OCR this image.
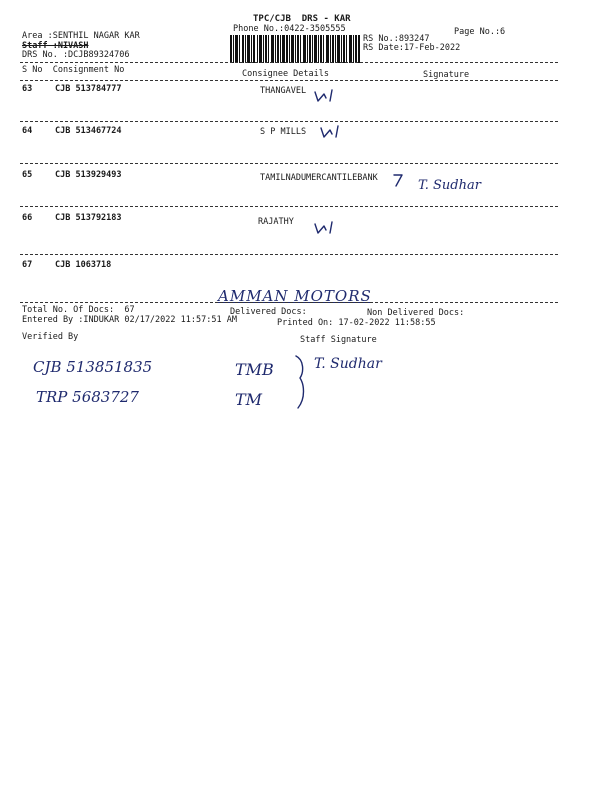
TPC/CJB  DRS - KAR
Phone No.:0422-3505555	Page No.:6
Area :SENTHIL NAGAR KAR
Staff :NIVASH
DRS No. :DCJB89324706
RS No.:893247
RS Date:17-Feb-2022
S No  Consignment No	Consignee Details	Signature
63	CJB 513784777	THANGAVEL
64	CJB 513467724	S P MILLS
65	CJB 513929493	TAMILNADUMERCANTILEBANK	T. Sudhar
66	CJB 513792183	RAJATHY
67	CJB 1063718
AMMAN MOTORS
Total No. Of Docs:  67	Delivered Docs:	Non Delivered Docs:
Entered By :INDUKAR 02/17/2022 11:57:51 AM	Printed On: 17-02-2022 11:58:55
Verified By	Staff Signature
CJB 513851835
TRP 5683727
TMB
TM
T. Sudhar
